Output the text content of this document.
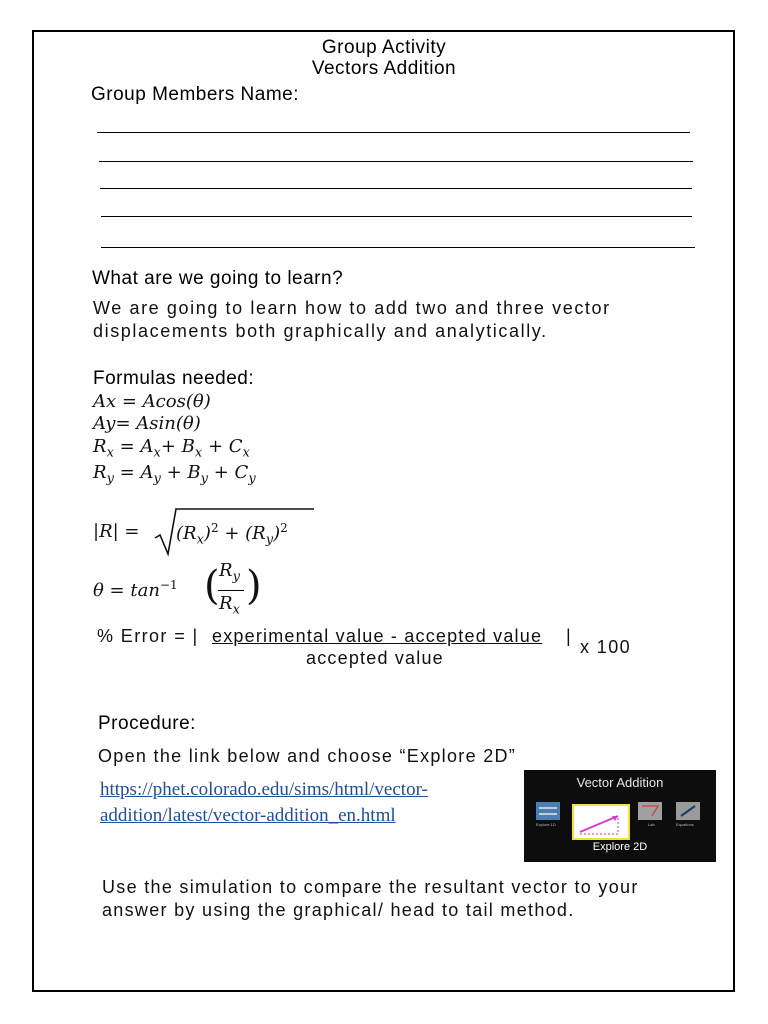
Group Activity
Vectors Addition
Group Members Name:
What are we going to learn?
We are going to learn how to add two and three vector
displacements both graphically and analytically.
Formulas needed:
Ax = Acos(θ)
Ay= Asin(θ)
$R_x = A_x+ B_x + C_x$
$R_y = A_y + B_y + C_y$
$|R| = (R_x)^2 + (R_y)^2$
$\theta = \tan^{-1}$ ( $R_y$
$R_x$
)
% Error = | experimental value - accepted value |
accepted value
x 100
Procedure:
Open the link below and choose “Explore 2D”
https://phet.colorado.edu/sims/html/vector-
addition/latest/vector-addition_en.html
Vector Addition
Explore 1D	Lab	Equations
Explore 2D
Use the simulation to compare the resultant vector to your
answer by using the graphical/ head to tail method.
